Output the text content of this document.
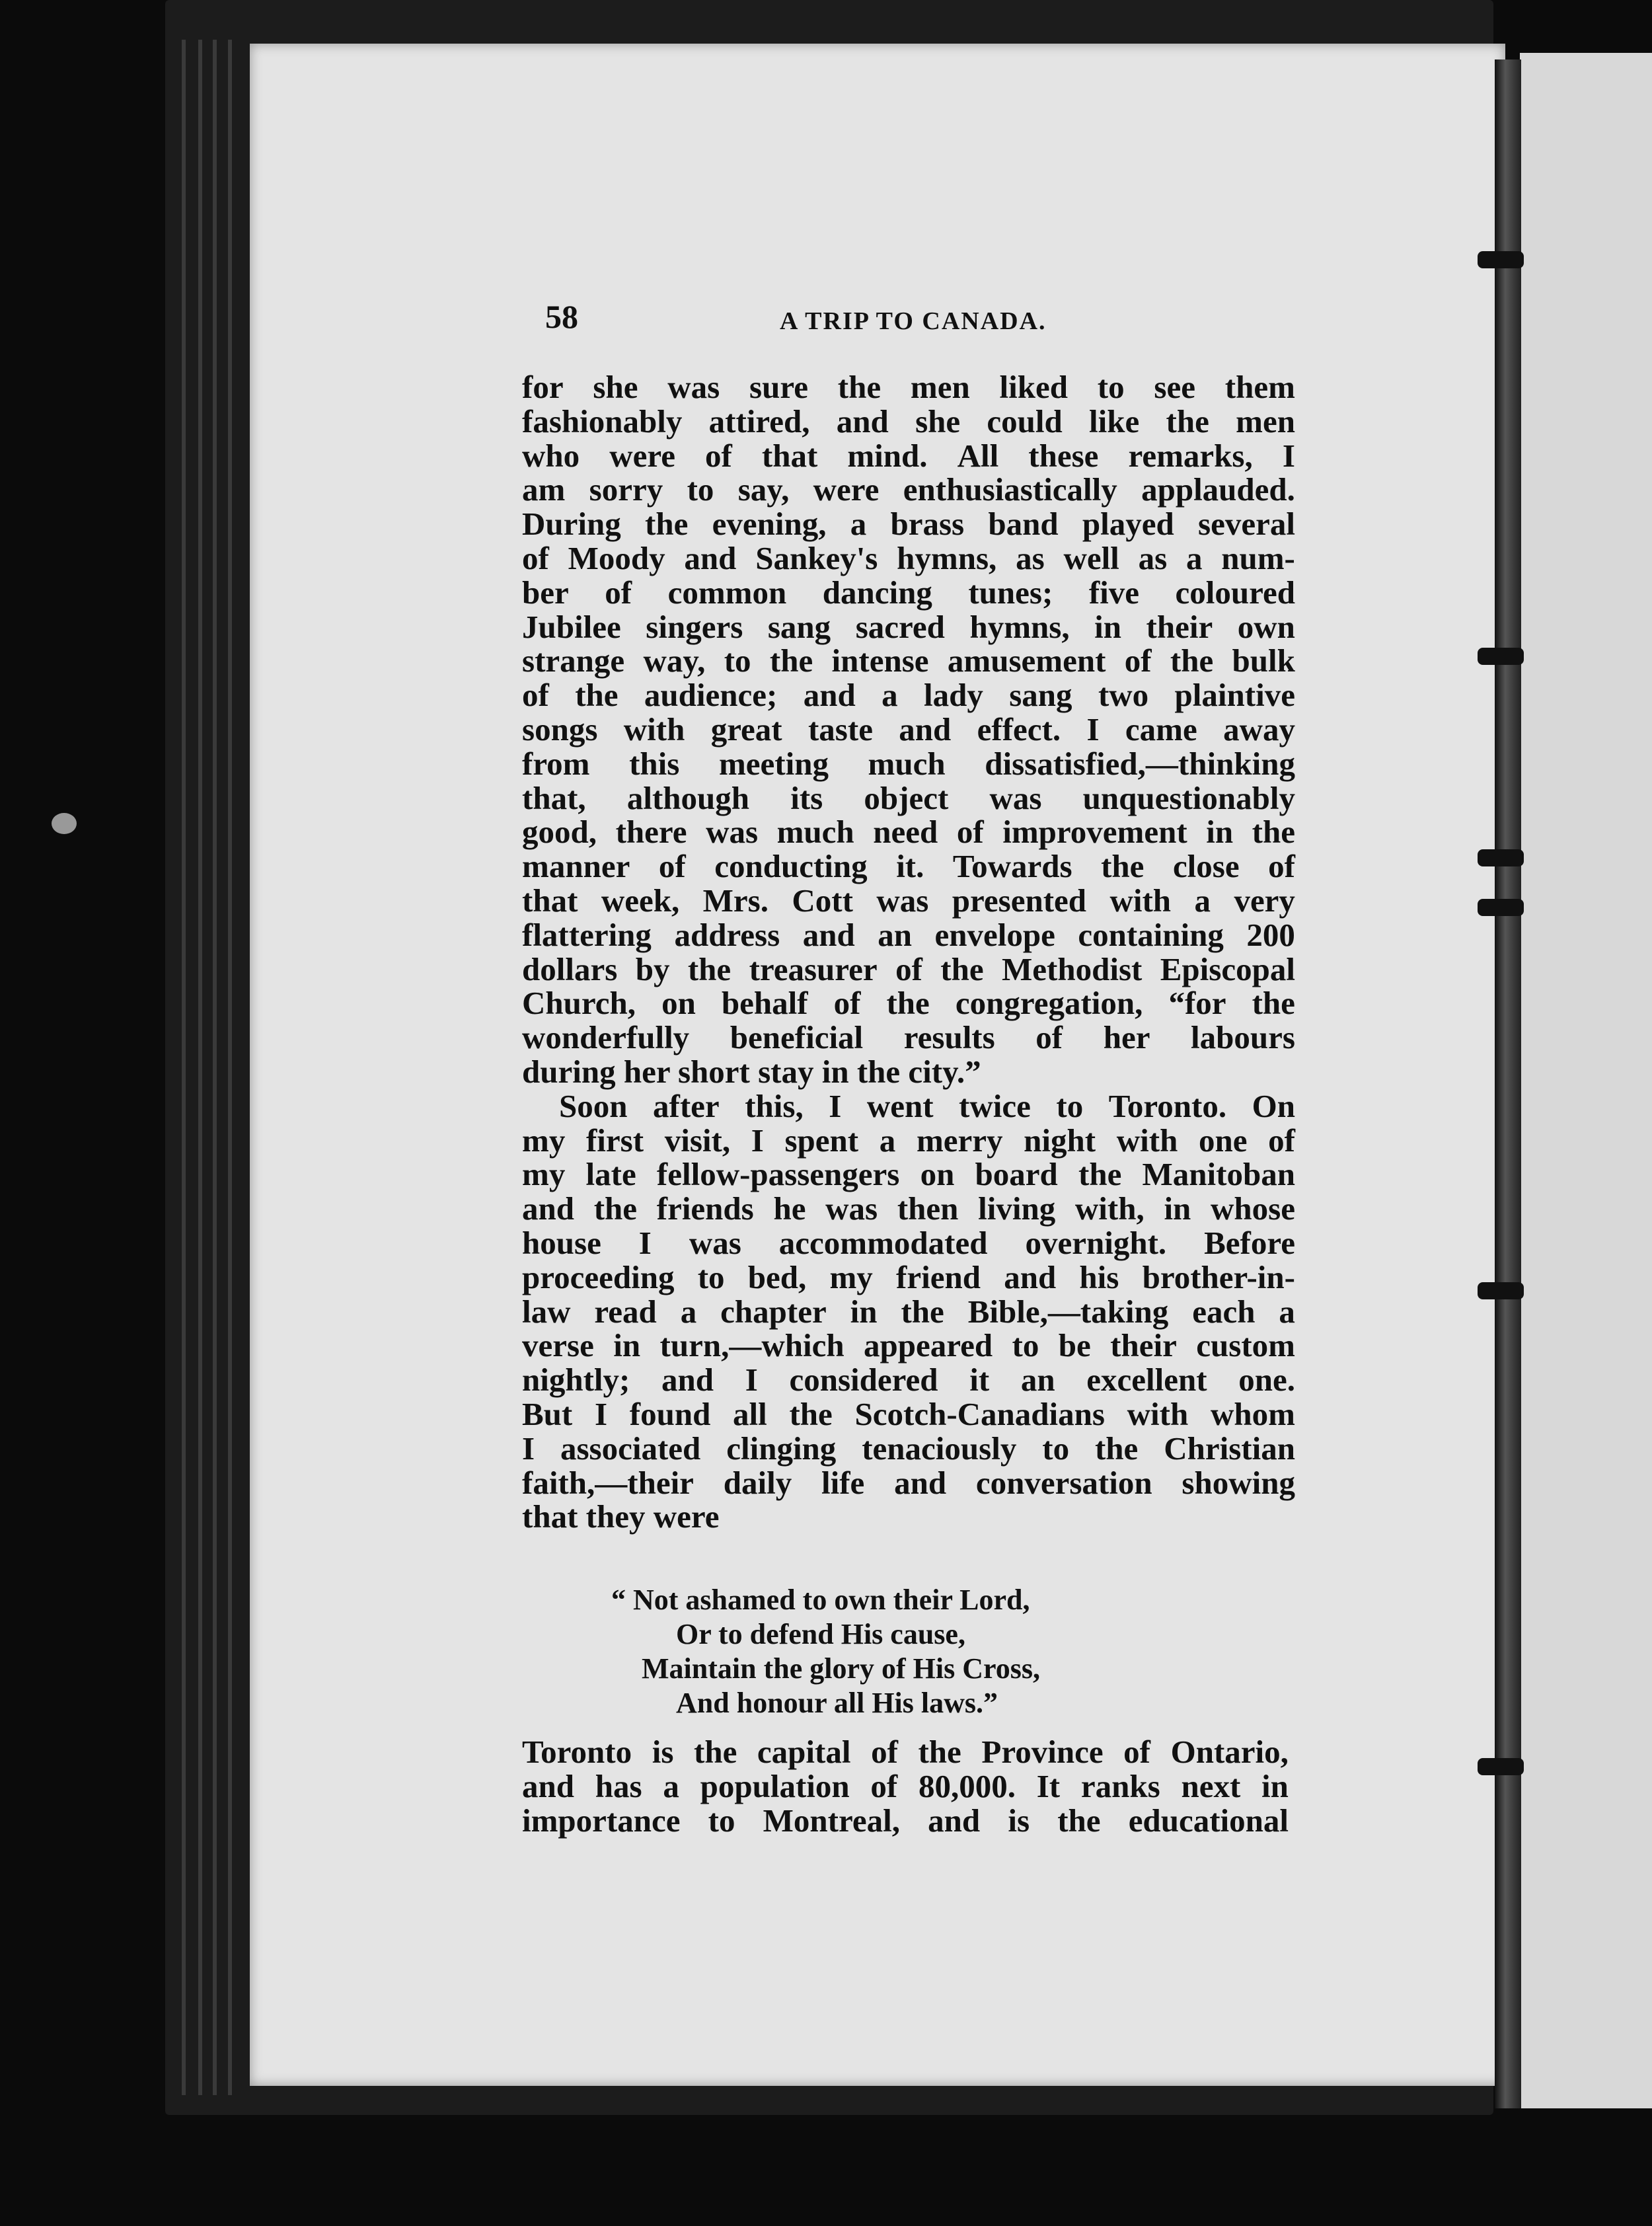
58	A TRIP TO CANADA.
for she was sure the men liked to see them
fashionably attired, and she could like the men
who were of that mind. All these remarks, I
am sorry to say, were enthusiastically applauded.
During the evening, a brass band played several
of Moody and Sankey's hymns, as well as a num-
ber of common dancing tunes; five coloured
Jubilee singers sang sacred hymns, in their own
strange way, to the intense amusement of the bulk
of the audience; and a lady sang two plaintive
songs with great taste and effect. I came away
from this meeting much dissatisfied,—thinking
that, although its object was unquestionably
good, there was much need of improvement in the
manner of conducting it. Towards the close of
that week, Mrs. Cott was presented with a very
flattering address and an envelope containing 200
dollars by the treasurer of the Methodist Episcopal
Church, on behalf of the congregation, “for the
wonderfully beneficial results of her labours
during her short stay in the city.”
Soon after this, I went twice to Toronto. On
my first visit, I spent a merry night with one of
my late fellow-passengers on board the Manitoban
and the friends he was then living with, in whose
house I was accommodated overnight. Before
proceeding to bed, my friend and his brother-in-
law read a chapter in the Bible,—taking each a
verse in turn,—which appeared to be their custom
nightly; and I considered it an excellent one.
But I found all the Scotch-Canadians with whom
I associated clinging tenaciously to the Christian
faith,—their daily life and conversation showing
that they were
“ Not ashamed to own their Lord,
Or to defend His cause,
Maintain the glory of His Cross,
And honour all His laws.”
Toronto is the capital of the Province of Ontario,
and has a population of 80,000. It ranks next in
importance to Montreal, and is the educational
